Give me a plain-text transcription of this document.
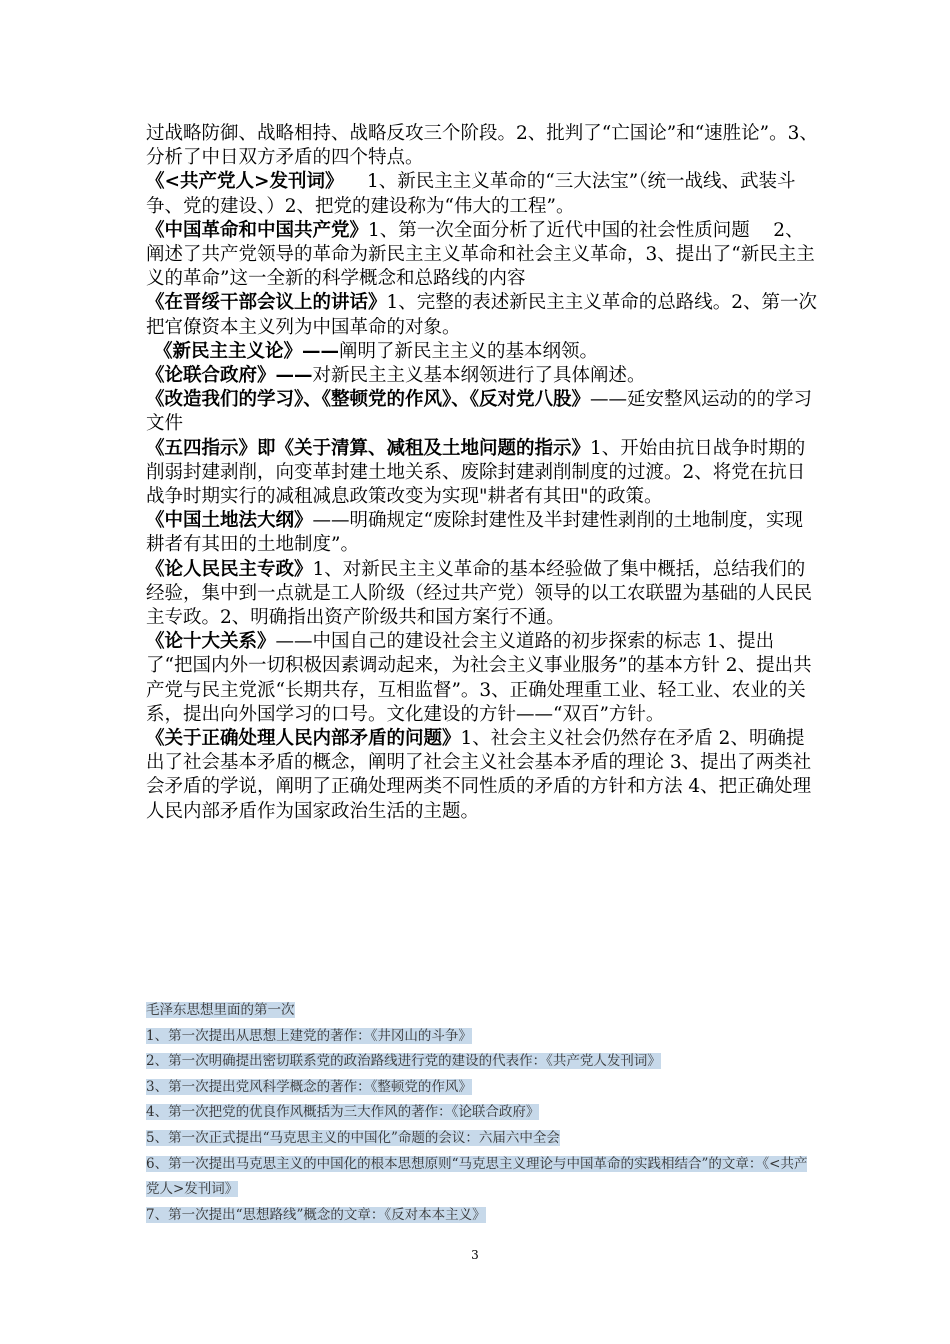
过战略防御、战略相持、战略反攻三个阶段。2、批判了“亡国论”和“速胜论”。3、分析了中日双方矛盾的四个特点。

《<共产党人>发刊词》    1、新民主主义革命的“三大法宝”（统一战线、武装斗争、党的建设、）2、把党的建设称为“伟大的工程”。

《中国革命和中国共产党》1、第一次全面分析了近代中国的社会性质问题    2、阐述了共产党领导的革命为新民主主义革命和社会主义革命，3、提出了“新民主主义的革命”这一全新的科学概念和总路线的内容

《在晋绥干部会议上的讲话》1、完整的表述新民主主义革命的总路线。2、第一次把官僚资本主义列为中国革命的对象。

《新民主主义论》——阐明了新民主主义的基本纲领。

《论联合政府》——对新民主主义基本纲领进行了具体阐述。

《改造我们的学习》、《整顿党的作风》、《反对党八股》——延安整风运动的的学习文件

《五四指示》即《关于清算、减租及土地问题的指示》1、开始由抗日战争时期的削弱封建剥削，向变革封建土地关系、废除封建剥削制度的过渡。2、将党在抗日战争时期实行的减租减息政策改变为实现"耕者有其田"的政策。

《中国土地法大纲》——明确规定“废除封建性及半封建性剥削的土地制度，实现耕者有其田的土地制度”。

《论人民民主专政》1、对新民主主义革命的基本经验做了集中概括，总结我们的经验，集中到一点就是工人阶级（经过共产党）领导的以工农联盟为基础的人民民主专政。2、明确指出资产阶级共和国方案行不通。

《论十大关系》——中国自己的建设社会主义道路的初步探索的标志 1、提出了“把国内外一切积极因素调动起来，为社会主义事业服务”的基本方针 2、提出共产党与民主党派“长期共存，互相监督”。3、正确处理重工业、轻工业、农业的关系，提出向外国学习的口号。文化建设的方针——“双百”方针。

《关于正确处理人民内部矛盾的问题》1、社会主义社会仍然存在矛盾 2、明确提出了社会基本矛盾的概念，阐明了社会主义社会基本矛盾的理论 3、提出了两类社会矛盾的学说，阐明了正确处理两类不同性质的矛盾的方针和方法 4、把正确处理人民内部矛盾作为国家政治生活的主题。

毛泽东思想里面的第一次

1、第一次提出从思想上建党的著作：《井冈山的斗争》

2、第一次明确提出密切联系党的政治路线进行党的建设的代表作：《共产党人发刊词》

3、第一次提出党风科学概念的著作：《整顿党的作风》

4、第一次把党的优良作风概括为三大作风的著作：《论联合政府》

5、第一次正式提出“马克思主义的中国化”命题的会议：六届六中全会

6、第一次提出马克思主义的中国化的根本思想原则“马克思主义理论与中国革命的实践相结合”的文章：《<共产党人>发刊词》

7、第一次提出“思想路线”概念的文章：《反对本本主义》

3
